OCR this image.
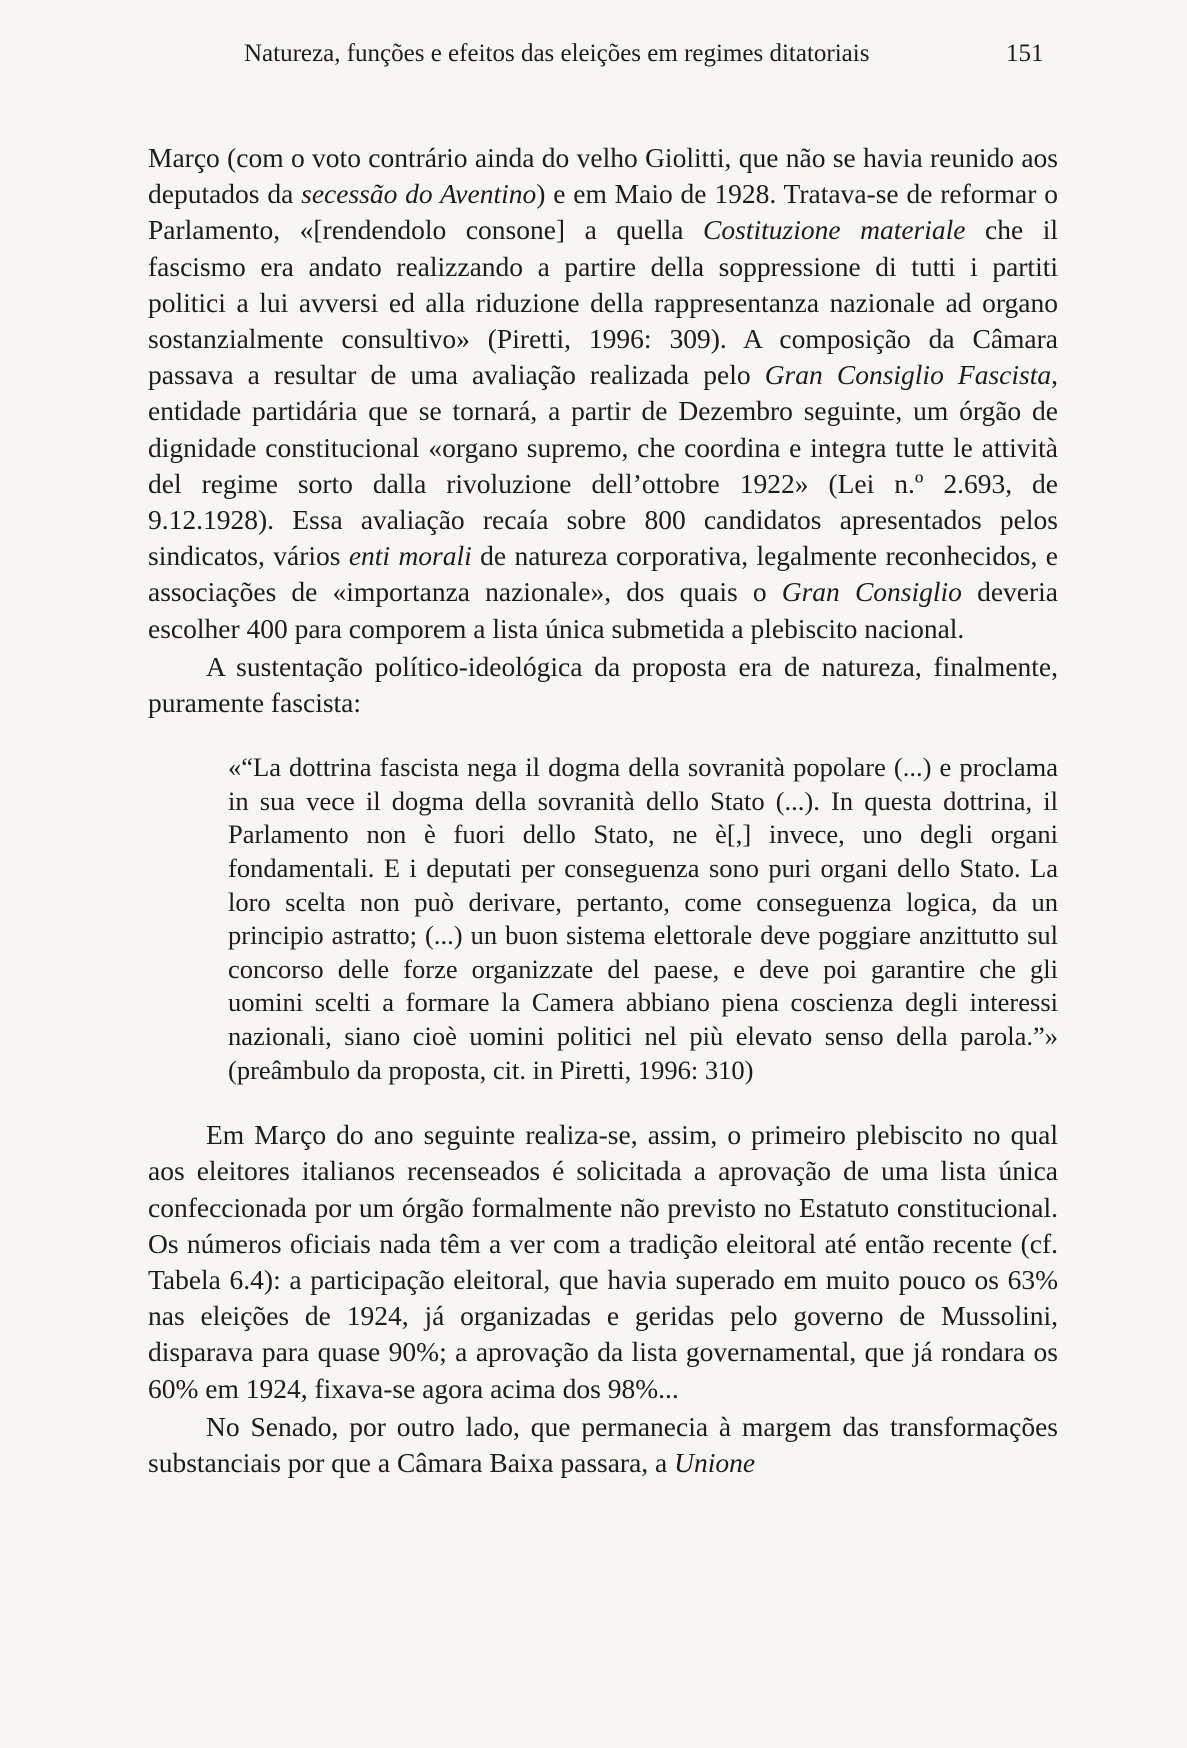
Natureza, funções e efeitos das eleições em regimes ditatoriais	151

Março (com o voto contrário ainda do velho Giolitti, que não se havia reunido aos deputados da secessão do Aventino) e em Maio de 1928. Tratava-se de reformar o Parlamento, «[rendendolo consone] a quella Costituzione materiale che il fascismo era andato realizzando a partire della soppressione di tutti i partiti politici a lui avversi ed alla riduzione della rappresentanza nazionale ad organo sostanzialmente consultivo» (Piretti, 1996: 309). A composição da Câmara passava a resultar de uma avaliação realizada pelo Gran Consiglio Fascista, entidade partidária que se tornará, a partir de Dezembro seguinte, um órgão de dignidade constitucional «organo supremo, che coordina e integra tutte le attività del regime sorto dalla rivoluzione dell’ottobre 1922» (Lei n.º 2.693, de 9.12.1928). Essa avaliação recaía sobre 800 candidatos apresentados pelos sindicatos, vários enti morali de natureza corporativa, legalmente reconhecidos, e associações de «importanza nazionale», dos quais o Gran Consiglio deveria escolher 400 para comporem a lista única submetida a plebiscito nacional.

A sustentação político-ideológica da proposta era de natureza, finalmente, puramente fascista:

«“La dottrina fascista nega il dogma della sovranità popolare (...) e proclama in sua vece il dogma della sovranità dello Stato (...). In questa dottrina, il Parlamento non è fuori dello Stato, ne è[,] invece, uno degli organi fondamentali. E i deputati per conseguenza sono puri organi dello Stato. La loro scelta non può derivare, pertanto, come conseguenza logica, da un principio astratto; (...) un buon sistema elettorale deve poggiare anzittutto sul concorso delle forze organizzate del paese, e deve poi garantire che gli uomini scelti a formare la Camera abbiano piena coscienza degli interessi nazionali, siano cioè uomini politici nel più elevato senso della parola.”» (preâmbulo da proposta, cit. in Piretti, 1996: 310)

Em Março do ano seguinte realiza-se, assim, o primeiro plebiscito no qual aos eleitores italianos recenseados é solicitada a aprovação de uma lista única confeccionada por um órgão formalmente não previsto no Estatuto constitucional. Os números oficiais nada têm a ver com a tradição eleitoral até então recente (cf. Tabela 6.4): a participação eleitoral, que havia superado em muito pouco os 63% nas eleições de 1924, já organizadas e geridas pelo governo de Mussolini, disparava para quase 90%; a aprovação da lista governamental, que já rondara os 60% em 1924, fixava-se agora acima dos 98%...

No Senado, por outro lado, que permanecia à margem das transformações substanciais por que a Câmara Baixa passara, a Unione
